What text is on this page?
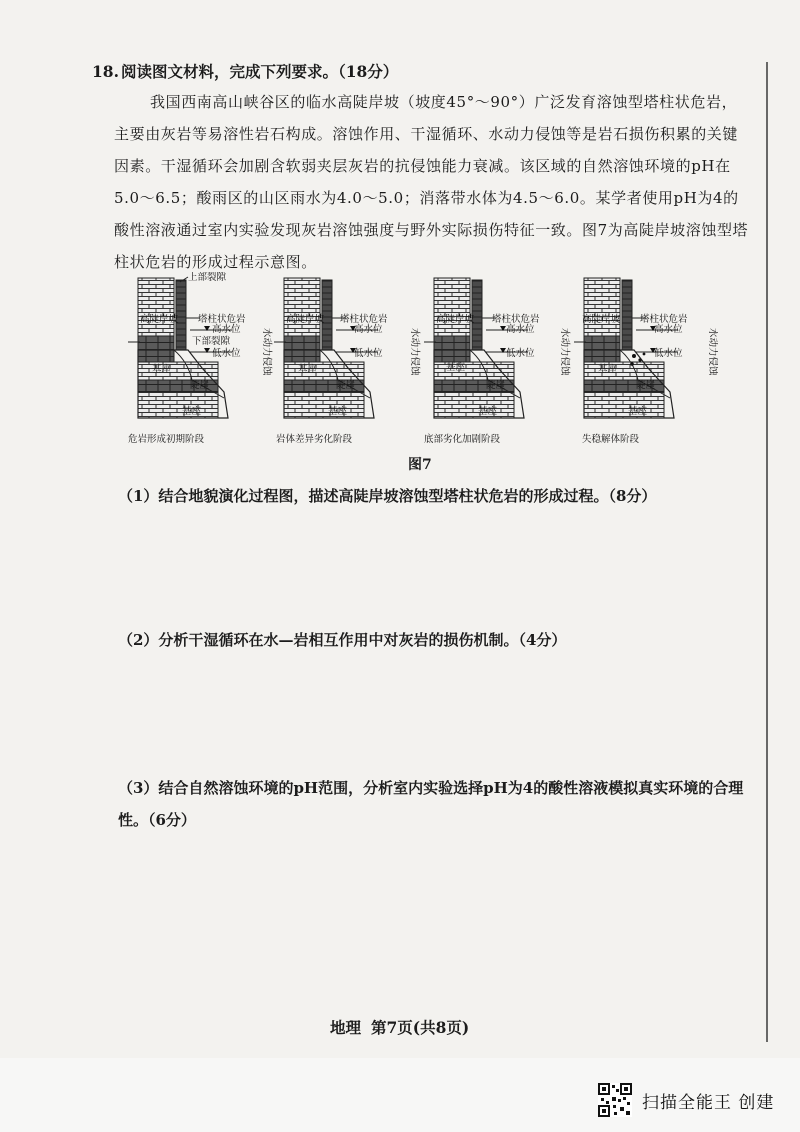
18. 阅读图文材料，完成下列要求。（18分）

我国西南高山峡谷区的临水高陡岸坡（坡度45°～90°）广泛发育溶蚀型塔柱状危岩，主要由灰岩等易溶性岩石构成。溶蚀作用、干湿循环、水动力侵蚀等是岩石损伤积累的关键因素。干湿循环会加剧含软弱夹层灰岩的抗侵蚀能力衰减。该区域的自然溶蚀环境的pH在5.0～6.5；酸雨区的山区雨水为4.0～5.0；消落带水体为4.5～6.0。某学者使用pH为4的酸性溶液通过室内实验发现灰岩溶蚀强度与野外实际损伤特征一致。图7为高陡岸坡溶蚀型塔柱状危岩的形成过程示意图。

上部裂隙
高陡岸坡 塔柱状危岩
高水位
下部裂隙
低水位
基座
陡崖
基座
危岩形成初期阶段
高陡岸坡 塔柱状危岩
高水位
低水位
基座
陡崖
基座
岩体差异劣化阶段
高陡岸坡 塔柱状危岩
高水位
低水位
基座
陡崖
基座
底部劣化加剧阶段
高陡岸坡 塔柱状危岩
高水位
低水位
基座
陡崖
基座
失稳解体阶段
水动力侵蚀	水动力侵蚀	水动力侵蚀	水动力侵蚀
图7
（1）结合地貌演化过程图，描述高陡岸坡溶蚀型塔柱状危岩的形成过程。（8分）
（2）分析干湿循环在水—岩相互作用中对灰岩的损伤机制。（4分）
（3）结合自然溶蚀环境的pH范围，分析室内实验选择pH为4的酸性溶液模拟真实环境的合理性。（6分）
地理 第7页(共8页)
扫描全能王 创建
